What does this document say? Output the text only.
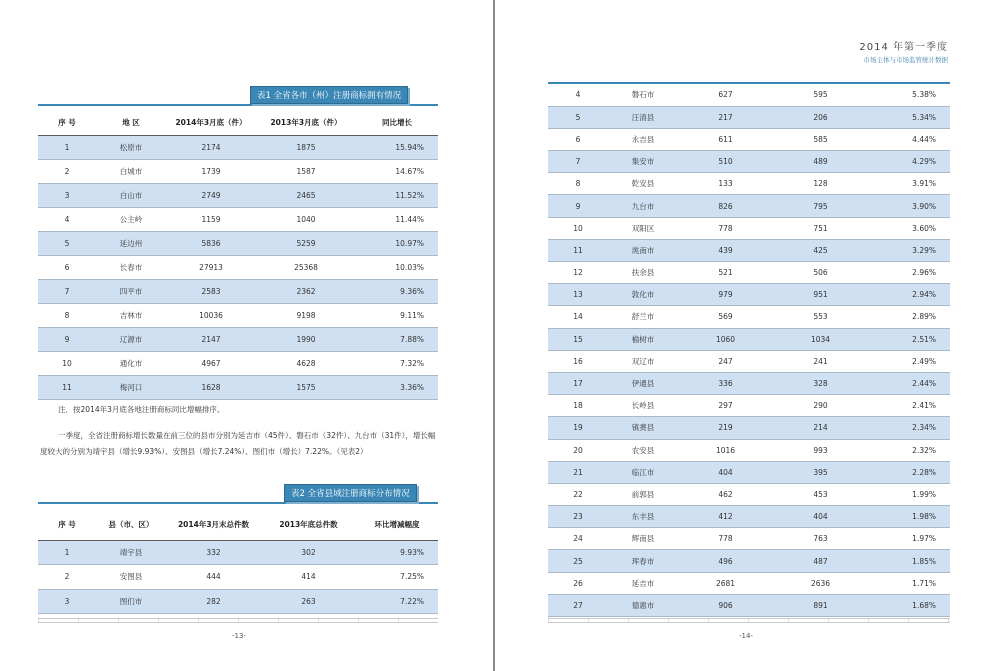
表1 全省各市（州）注册商标拥有情况
序 号	地 区	2014年3月底（件）	2013年3月底（件）	同比增长
1	松原市	2174	1875	15.94%
2	白城市	1739	1587	14.67%
3	白山市	2749	2465	11.52%
4	公主岭	1159	1040	11.44%
5	延边州	5836	5259	10.97%
6	长春市	27913	25368	10.03%
7	四平市	2583	2362	9.36%
8	吉林市	10036	9198	9.11%
9	辽源市	2147	1990	7.88%
10	通化市	4967	4628	7.32%
11	梅河口	1628	1575	3.36%
注．按2014年3月底各地注册商标同比增幅排序。
一季度，全省注册商标增长数量在前三位的县市分别为延吉市（45件）、磐石市（32件）、九台市（31件），增长幅度较大的分别为靖宇县（增长9.93%）、安图县（增长7.24%）、图们市（增长）7.22%。（见表2）
表2 全省县域注册商标分布情况
序 号	县（市、区）	2014年3月末总件数	2013年底总件数	环比增减幅度
1	靖宇县	332	302	9.93%
2	安图县	444	414	7.25%
3	图们市	282	263	7.22%
-13-
2014 年第一季度
市场主体与市场监管统计数据
4	磐石市	627	595	5.38%
5	汪清县	217	206	5.34%
6	永吉县	611	585	4.44%
7	集安市	510	489	4.29%
8	乾安县	133	128	3.91%
9	九台市	826	795	3.90%
10	双阳区	778	751	3.60%
11	洮南市	439	425	3.29%
12	扶余县	521	506	2.96%
13	敦化市	979	951	2.94%
14	舒兰市	569	553	2.89%
15	榆树市	1060	1034	2.51%
16	双辽市	247	241	2.49%
17	伊通县	336	328	2.44%
18	长岭县	297	290	2.41%
19	镇赉县	219	214	2.34%
20	农安县	1016	993	2.32%
21	临江市	404	395	2.28%
22	前郭县	462	453	1.99%
23	东丰县	412	404	1.98%
24	辉南县	778	763	1.97%
25	珲春市	496	487	1.85%
26	延吉市	2681	2636	1.71%
27	德惠市	906	891	1.68%
-14-
